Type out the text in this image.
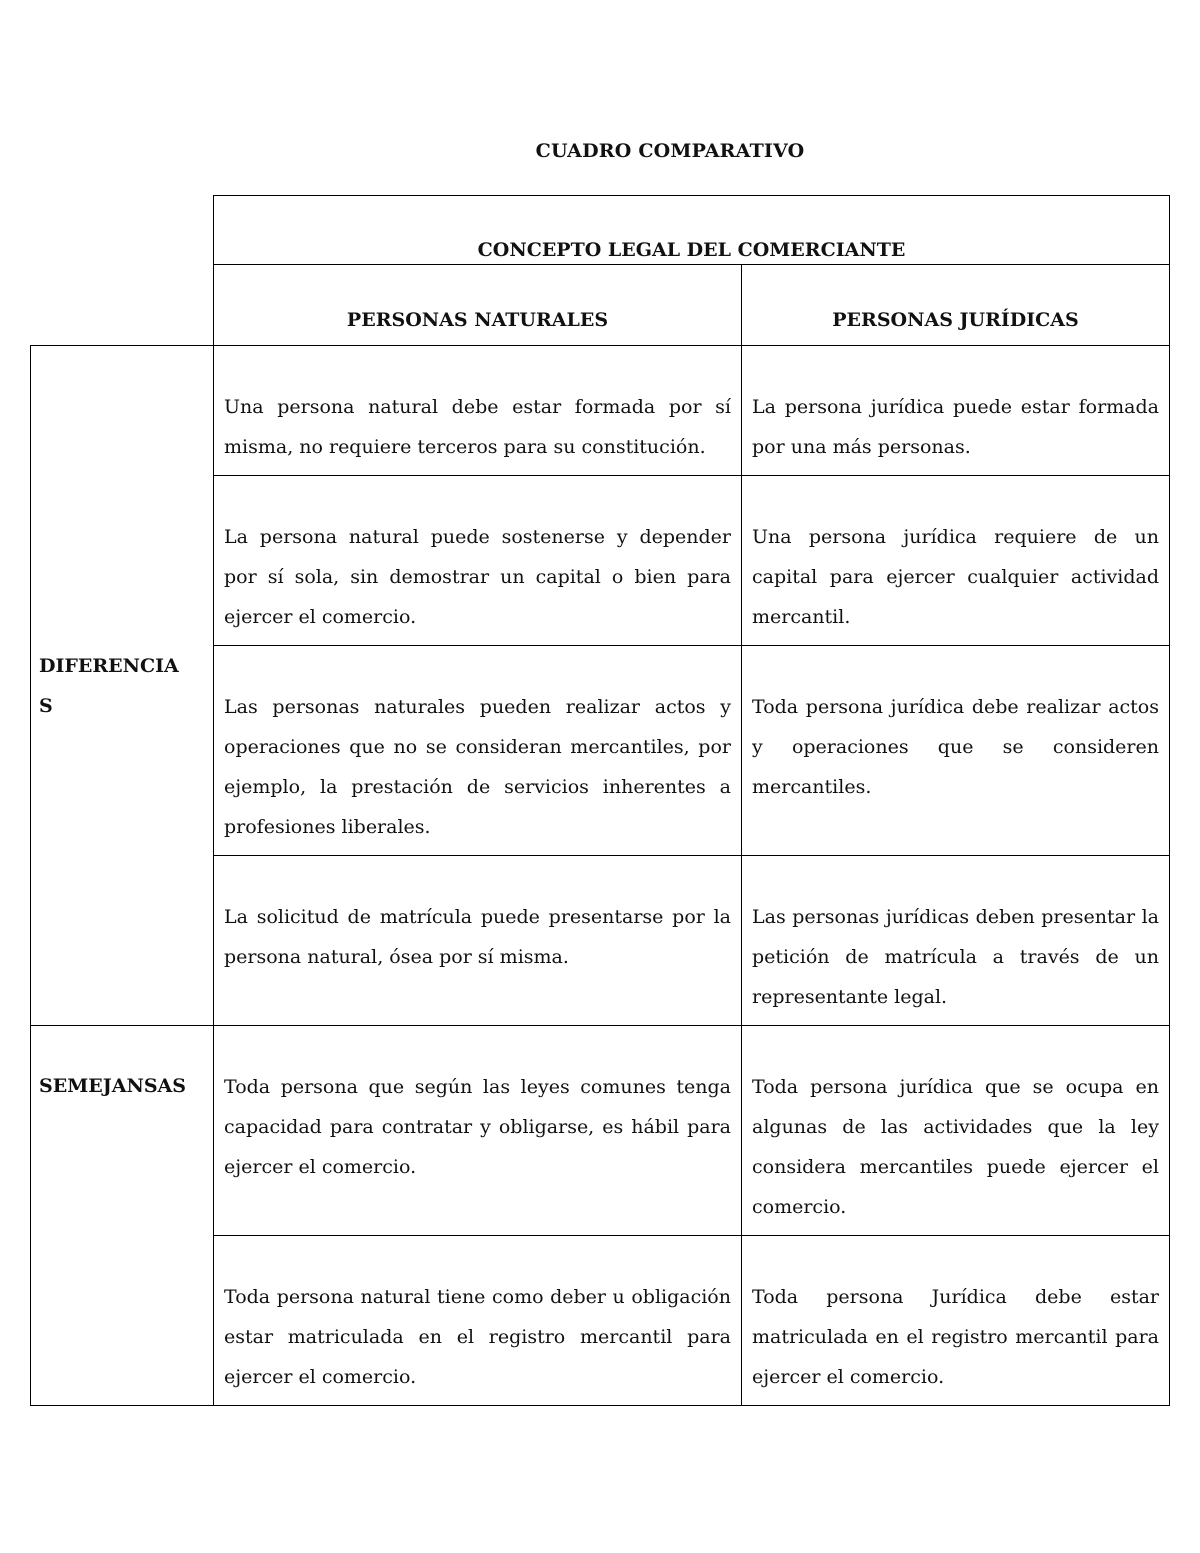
CUADRO COMPARATIVO

	CONCEPTO LEGAL DEL COMERCIANTE	

	PERSONAS NATURALES	PERSONAS JURÍDICAS

DIFERENCIAS	Una persona natural debe estar formada por sí misma, no requiere terceros para su constitución.	La persona jurídica puede estar formada por una más personas.
	La persona natural puede sostenerse y depender por sí sola, sin demostrar un capital o bien para ejercer el comercio.	Una persona jurídica requiere de un capital para ejercer cualquier actividad mercantil.
	Las personas naturales pueden realizar actos y operaciones que no se consideran mercantiles, por ejemplo, la prestación de servicios inherentes a profesiones liberales.	Toda persona jurídica debe realizar actos y operaciones que se consideren mercantiles.
	La solicitud de matrícula puede presentarse por la persona natural, ósea por sí misma.	Las personas jurídicas deben presentar la petición de matrícula a través de un representante legal.
SEMEJANSAS	Toda persona que según las leyes comunes tenga capacidad para contratar y obligarse, es hábil para ejercer el comercio.	Toda persona jurídica que se ocupa en algunas de las actividades que la ley considera mercantiles puede ejercer el comercio.
	Toda persona natural tiene como deber u obligación estar matriculada en el registro mercantil para ejercer el comercio.	Toda persona Jurídica debe estar matriculada en el registro mercantil para ejercer el comercio.
